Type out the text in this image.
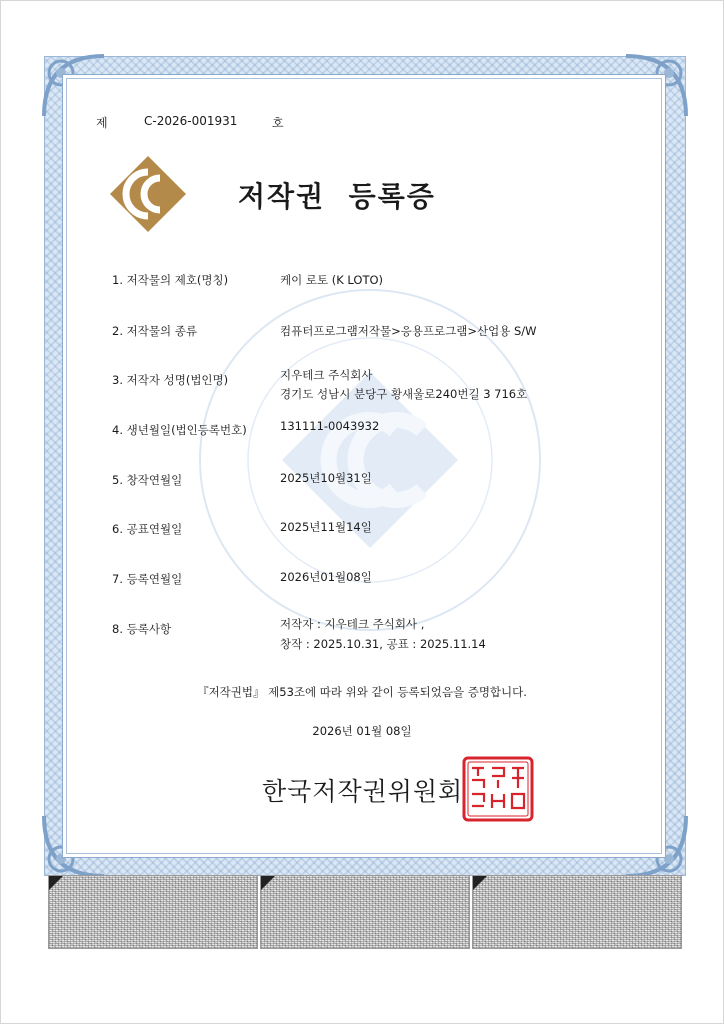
제	C-2026-001931	호
저작권  등록증
1. 저작물의 제호(명칭)	케이 로토 (K LOTO)
2. 저작물의 종류	컴퓨터프로그램저작물>응용프로그램>산업용 S/W
3. 저작자 성명(법인명)	지우테크 주식회사
경기도 성남시 분당구 황새울로240번길 3 716호
4. 생년월일(법인등록번호)	131111-0043932
5. 창작연월일	2025년10월31일
6. 공표연월일	2025년11월14일
7. 등록연월일	2026년01월08일
8. 등록사항	저작자 : 지우테크 주식회사 ,
창작 : 2025.10.31, 공표 : 2025.11.14
『저작권법』 제53조에 따라 위와 같이 등록되었음을 증명합니다.
2026년 01월 08일
한국저작권위원회
